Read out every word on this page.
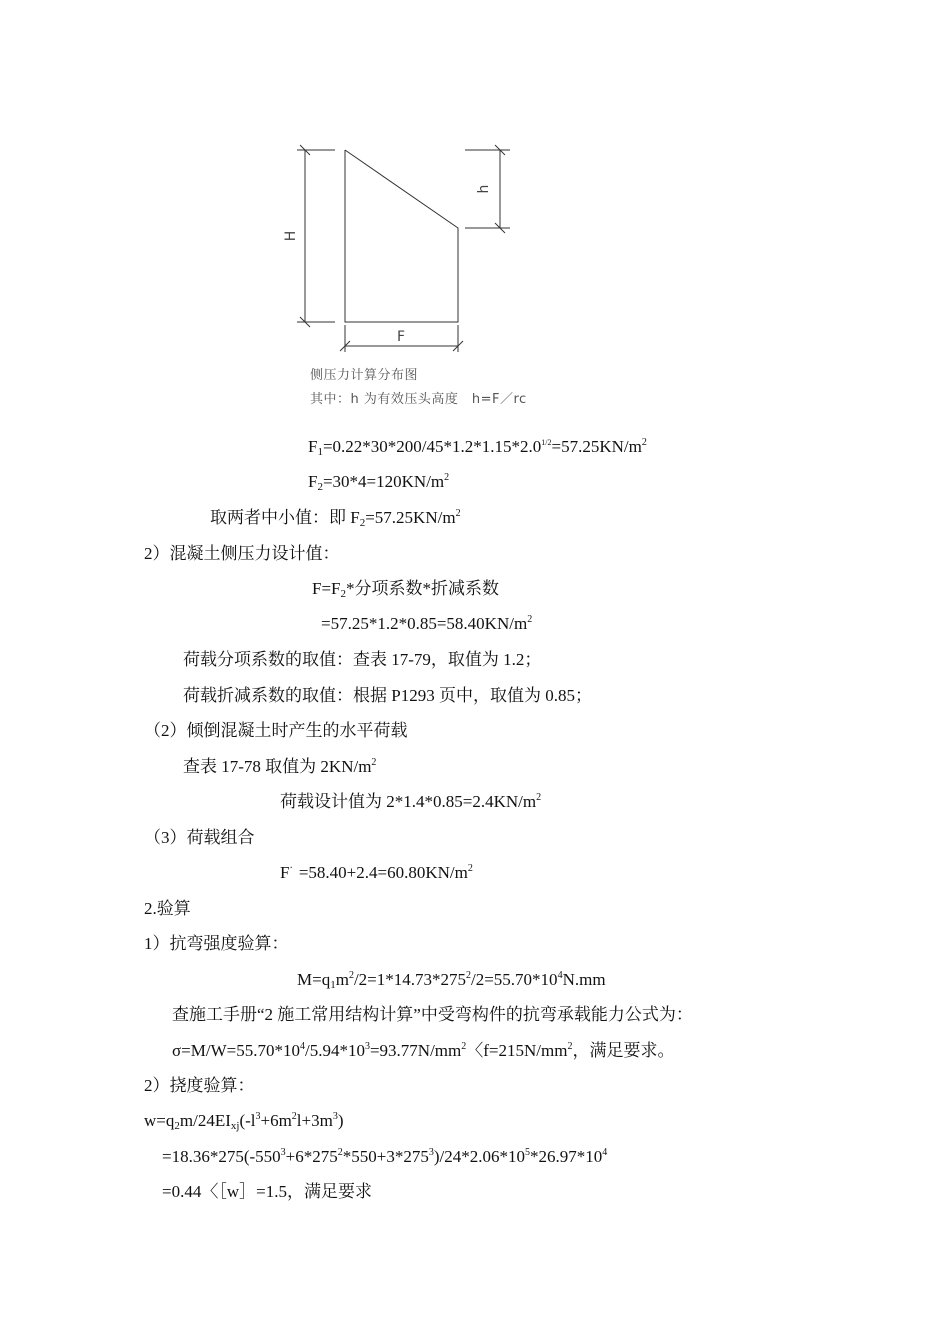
H
h
F
侧压力计算分布图
其中：h 为有效压头高度　h=F／rc
$F_1=0.22*30*200/45*1.2*1.15*2.0^{1/2}=57.25KN/m^2$
$F_2=30*4=120KN/m^2$
取两者中小值：即 $F_2=57.25KN/m^2$
2）混凝土侧压力设计值：
$F=F_2*$分项系数*折减系数
$=57.25*1.2*0.85=58.40KN/m^2$
荷载分项系数的取值：查表 17-79，取值为 1.2；
荷载折减系数的取值：根据 P1293 页中，取值为 0.85；
（2）倾倒混凝土时产生的水平荷载
查表 17-78 取值为 $2KN/m^2$
荷载设计值为 $2*1.4*0.85=2.4KN/m^2$
（3）荷载组合
$F^\cdot =58.40+2.4=60.80KN/m^2$
2.验算
1）抗弯强度验算：
$M=q_1m^2/2=1*14.73*275^2/2=55.70*10^4N.mm$
查施工手册“2 施工常用结构计算”中受弯构件的抗弯承载能力公式为：
$\sigma=M/W=55.70*10^4/5.94*10^3=93.77N/mm^2$〈$f=215N/mm^2$，满足要求。
2）挠度验算：
$w=q_2m/24EI_{xj}(-l^3+6m^2l+3m^3)$
$=18.36*275(-550^3+6*275^2*550+3*275^3)/24*2.06*10^5*26.97*10^4$
=0.44〈［w］=1.5，满足要求
